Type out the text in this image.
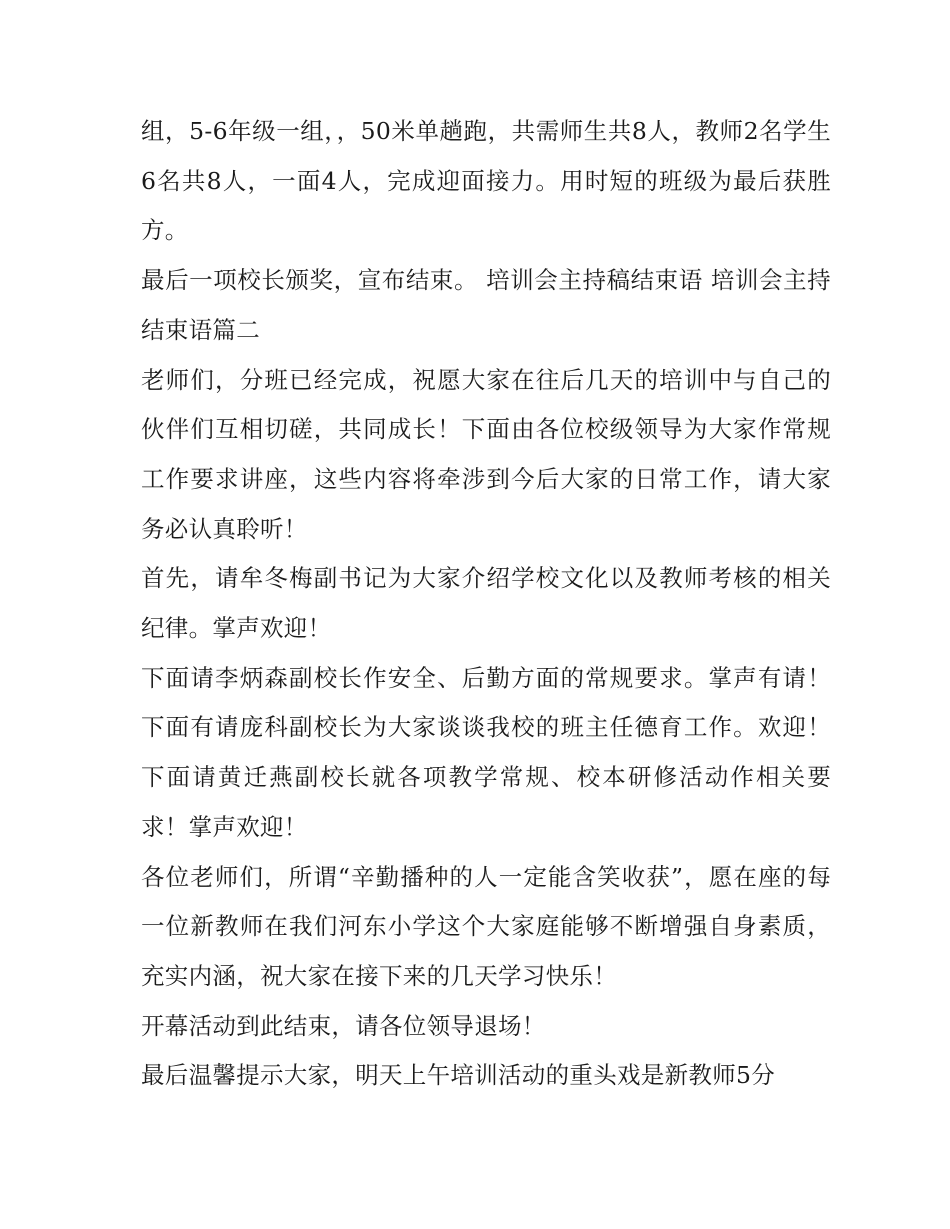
组，5-6年级一组，，50米单趟跑，共需师生共8人，教师2名学生6名共8人，一面4人，完成迎面接力。用时短的班级为最后获胜方。

最后一项校长颁奖，宣布结束。 培训会主持稿结束语 培训会主持结束语篇二

老师们，分班已经完成，祝愿大家在往后几天的培训中与自己的伙伴们互相切磋，共同成长！下面由各位校级领导为大家作常规工作要求讲座，这些内容将牵涉到今后大家的日常工作，请大家务必认真聆听！

首先，请牟冬梅副书记为大家介绍学校文化以及教师考核的相关纪律。掌声欢迎！

下面请李炳森副校长作安全、后勤方面的常规要求。掌声有请！下面有请庞科副校长为大家谈谈我校的班主任德育工作。欢迎！下面请黄迁燕副校长就各项教学常规、校本研修活动作相关要求！掌声欢迎！

各位老师们，所谓“辛勤播种的人一定能含笑收获”，愿在座的每一位新教师在我们河东小学这个大家庭能够不断增强自身素质，充实内涵，祝大家在接下来的几天学习快乐！

开幕活动到此结束，请各位领导退场！

最后温馨提示大家，明天上午培训活动的重头戏是新教师5分
